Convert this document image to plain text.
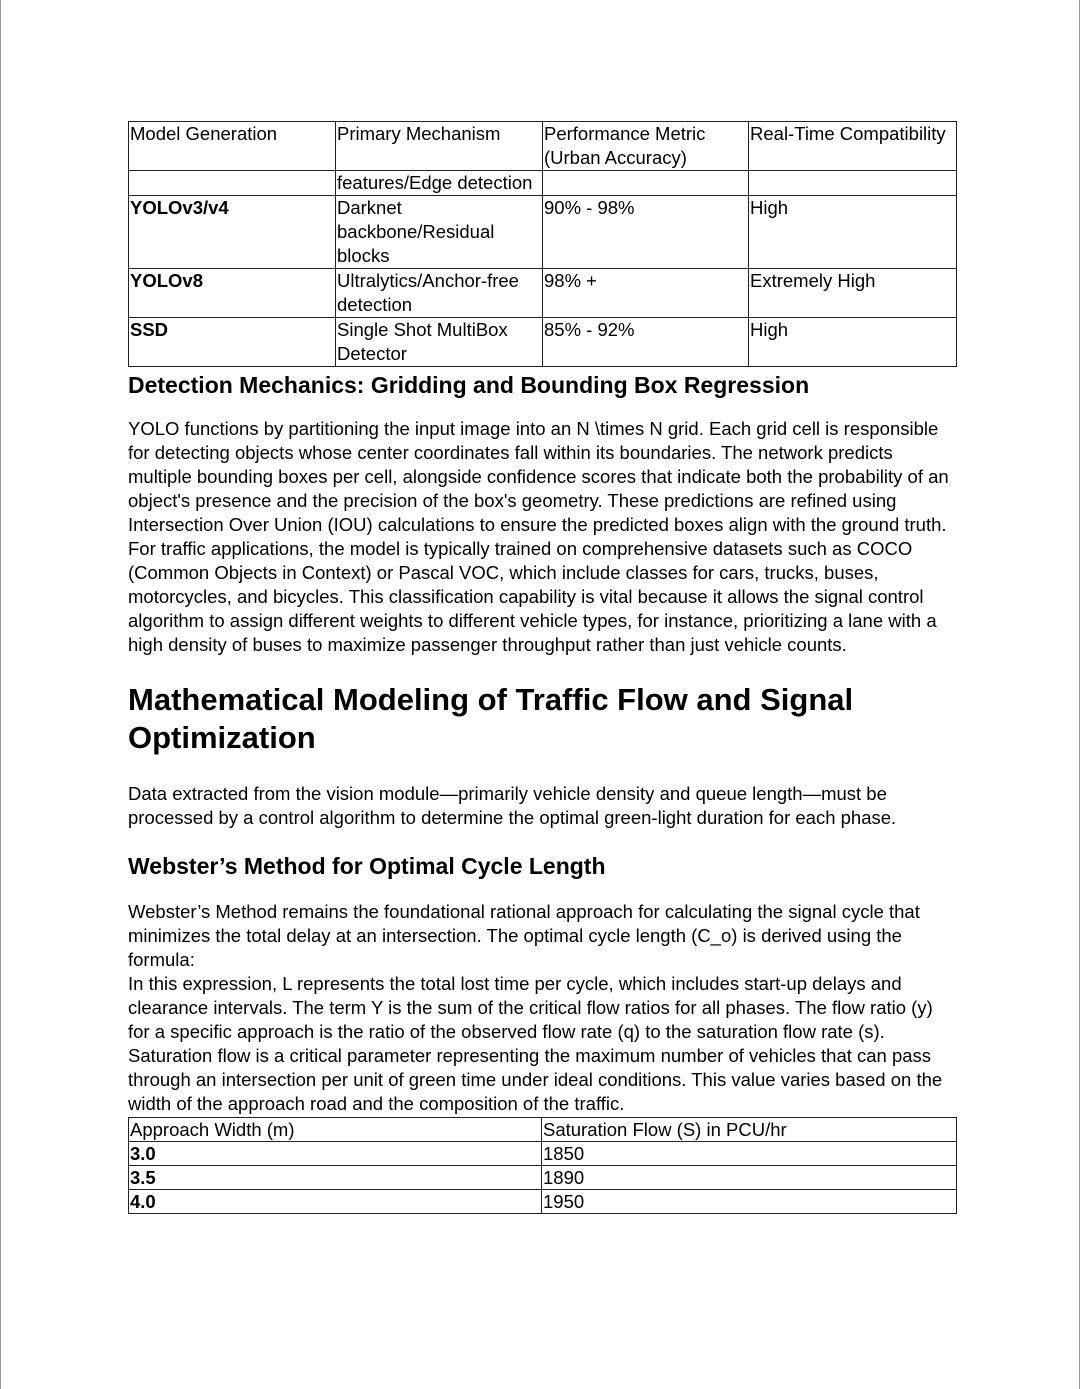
Model Generation	Primary Mechanism	Performance Metric (Urban Accuracy)	Real-Time Compatibility
	features/Edge detection		
YOLOv3/v4	Darknet backbone/Residual blocks	90% - 98%	High
YOLOv8	Ultralytics/Anchor-free detection	98% +	Extremely High
SSD	Single Shot MultiBox Detector	85% - 92%	High
Detection Mechanics: Gridding and Bounding Box Regression

YOLO functions by partitioning the input image into an N \times N grid. Each grid cell is responsible for detecting objects whose center coordinates fall within its boundaries. The network predicts multiple bounding boxes per cell, alongside confidence scores that indicate both the probability of an object's presence and the precision of the box's geometry. These predictions are refined using Intersection Over Union (IOU) calculations to ensure the predicted boxes align with the ground truth.

For traffic applications, the model is typically trained on comprehensive datasets such as COCO (Common Objects in Context) or Pascal VOC, which include classes for cars, trucks, buses, motorcycles, and bicycles. This classification capability is vital because it allows the signal control algorithm to assign different weights to different vehicle types, for instance, prioritizing a lane with a high density of buses to maximize passenger throughput rather than just vehicle counts.

Mathematical Modeling of Traffic Flow and Signal Optimization

Data extracted from the vision module—primarily vehicle density and queue length—must be processed by a control algorithm to determine the optimal green-light duration for each phase.

Webster’s Method for Optimal Cycle Length

Webster’s Method remains the foundational rational approach for calculating the signal cycle that minimizes the total delay at an intersection. The optimal cycle length (C_o) is derived using the formula:

In this expression, L represents the total lost time per cycle, which includes start-up delays and clearance intervals. The term Y is the sum of the critical flow ratios for all phases. The flow ratio (y) for a specific approach is the ratio of the observed flow rate (q) to the saturation flow rate (s). Saturation flow is a critical parameter representing the maximum number of vehicles that can pass through an intersection per unit of green time under ideal conditions. This value varies based on the width of the approach road and the composition of the traffic.

Approach Width (m)	Saturation Flow (S) in PCU/hr
3.0	1850
3.5	1890
4.0	1950
